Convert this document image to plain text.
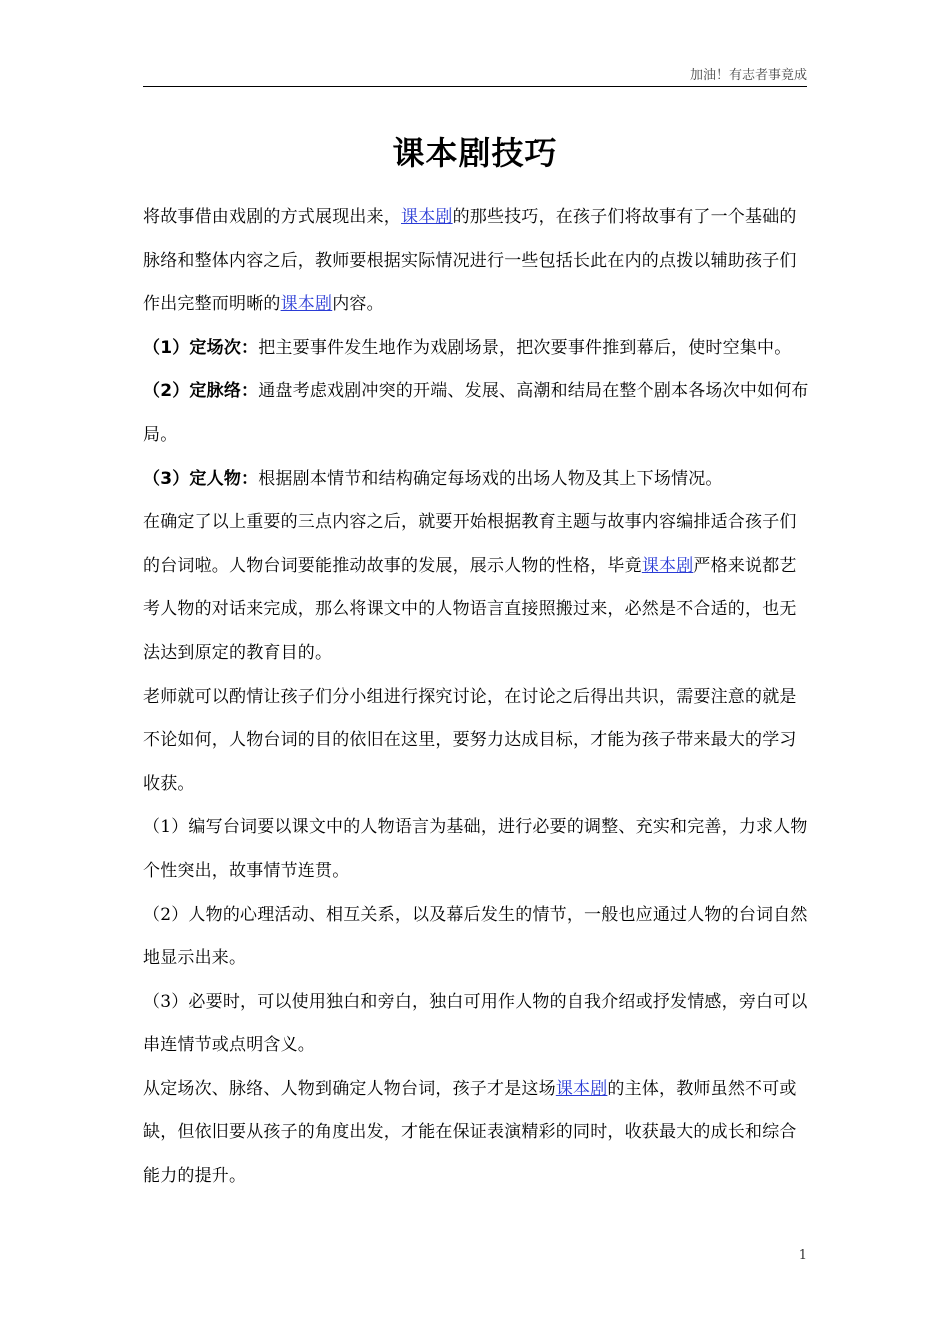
加油！有志者事竟成
课本剧技巧

将故事借由戏剧的方式展现出来，课本剧的那些技巧，在孩子们将故事有了一个基础的脉络和整体内容之后，教师要根据实际情况进行一些包括长此在内的点拨以辅助孩子们作出完整而明晰的课本剧内容。

（1）定场次：把主要事件发生地作为戏剧场景，把次要事件推到幕后，使时空集中。

（2）定脉络：通盘考虑戏剧冲突的开端、发展、高潮和结局在整个剧本各场次中如何布局。

（3）定人物：根据剧本情节和结构确定每场戏的出场人物及其上下场情况。

在确定了以上重要的三点内容之后，就要开始根据教育主题与故事内容编排适合孩子们的台词啦。人物台词要能推动故事的发展，展示人物的性格，毕竟课本剧严格来说都艺考人物的对话来完成，那么将课文中的人物语言直接照搬过来，必然是不合适的，也无法达到原定的教育目的。

老师就可以酌情让孩子们分小组进行探究讨论，在讨论之后得出共识，需要注意的就是不论如何，人物台词的目的依旧在这里，要努力达成目标，才能为孩子带来最大的学习收获。

（1）编写台词要以课文中的人物语言为基础，进行必要的调整、充实和完善，力求人物个性突出，故事情节连贯。

（2）人物的心理活动、相互关系，以及幕后发生的情节，一般也应通过人物的台词自然地显示出来。

（3）必要时，可以使用独白和旁白，独白可用作人物的自我介绍或抒发情感，旁白可以串连情节或点明含义。

从定场次、脉络、人物到确定人物台词，孩子才是这场课本剧的主体，教师虽然不可或缺，但依旧要从孩子的角度出发，才能在保证表演精彩的同时，收获最大的成长和综合能力的提升。

1
